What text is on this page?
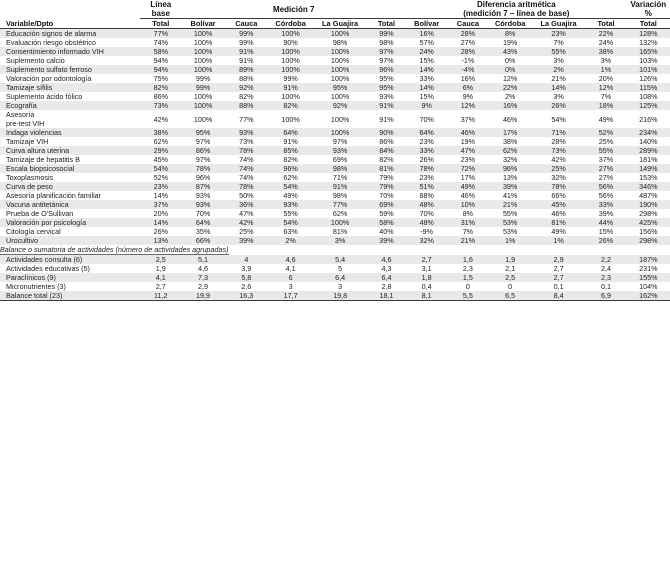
	Línea base	Medición 7	
Diferencia aritmética
(medición 7 – línea de base)

Variación
%

Variable/Dpto	Total	Bolívar	Cauca	Córdoba	La Guajira	Total	Bolívar	Cauca	Córdoba	La Guajira	Total	Total
Educación signos de alarma	77%	100%	99%	100%	100%	99%	16%	28%	8%	23%	22%	128%
Evaluación riesgo obstétrico	74%	100%	99%	90%	98%	98%	57%	27%	19%	7%	24%	132%
Consentimiento informado VIH	58%	100%	91%	100%	100%	97%	24%	28%	43%	55%	38%	165%
Suplemento calcio	94%	100%	91%	100%	100%	97%	15%	-1%	0%	3%	3%	103%
Suplemento sulfato ferroso	94%	100%	89%	100%	100%	96%	14%	-4%	0%	2%	1%	101%
Valoración por odontología	75%	99%	88%	99%	100%	95%	33%	16%	12%	21%	20%	126%
Tamizaje sífilis	82%	99%	92%	91%	95%	95%	14%	6%	22%	14%	12%	115%
Suplemento ácido fólico	86%	100%	82%	100%	100%	93%	15%	9%	2%	3%	7%	108%
Ecografía	73%	100%	88%	82%	92%	91%	9%	12%	16%	26%	18%	125%

Asesoría
pre-test VIH	42%	100%	77%	100%	100%	91%	70%	37%	46%	54%	49%	216%
Indaga violencias	38%	95%	93%	64%	100%	90%	64%	46%	17%	71%	52%	234%
Tamizaje VIH	62%	97%	73%	91%	97%	86%	23%	19%	38%	28%	25%	140%
Curva altura uterina	29%	86%	78%	85%	93%	84%	33%	47%	62%	73%	55%	289%
Tamizaje de hepatitis B	45%	97%	74%	82%	69%	82%	26%	23%	32%	42%	37%	181%
Escala biopsicosocial	54%	78%	74%	96%	98%	81%	78%	72%	96%	25%	27%	149%
Toxoplasmosis	52%	96%	74%	62%	71%	79%	23%	17%	13%	32%	27%	153%
Curva de peso	23%	87%	78%	54%	91%	79%	51%	49%	39%	78%	56%	346%
Asesoría planificación familiar	14%	93%	50%	49%	98%	70%	88%	46%	41%	66%	56%	487%
Vacuna antitetánica	37%	93%	36%	93%	77%	69%	48%	10%	21%	45%	33%	190%
Prueba de O'Sullivan	20%	70%	47%	55%	62%	59%	70%	8%	55%	46%	39%	298%
Valoración por psicología	14%	64%	42%	54%	100%	58%	48%	31%	53%	81%	44%	425%
Citología cervical	26%	35%	25%	63%	81%	40%	-9%	7%	53%	49%	15%	156%
Urocultivo	13%	66%	39%	2%	3%	39%	32%	21%	1%	1%	26%	298%
Balance o sumatoria de actividades (número de actividades agrupadas)												
Actividades consulta (6)	2,5	5,1	4	4,6	5,4	4,6	2,7	1,6	1,9	2,9	2,2	187%
Actividades educativas (5)	1,9	4,6	3,9	4,1	5	4,3	3,1	2,3	2,1	2,7	2,4	231%
Paraclínicos (9)	4,1	7,3	5,8	6	6,4	6,4	1,8	1,5	2,5	2,7	2,3	155%
Micronutrientes (3)	2,7	2,9	2,6	3	3	2,8	0,4	0	0	0,1	0,1	104%
Balance total (23)	11,2	19,9	16,3	17,7	19,8	18,1	8,1	5,5	6,5	8,4	6,9	162%
